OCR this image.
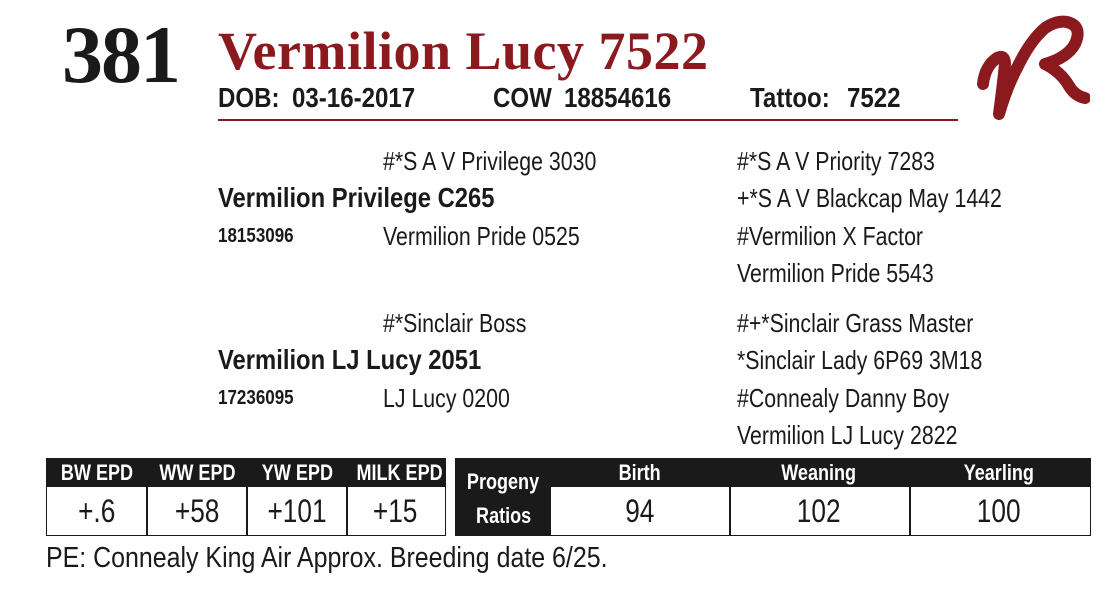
381 Vermilion Lucy 7522
DOB: 03-16-2017	COW 18854616	Tattoo: 7522
#*S A V Privilege 3030	#*S A V Priority 7283
Vermilion Privilege C265	+*S A V Blackcap May 1442
18153096	Vermilion Pride 0525	#Vermilion X Factor
Vermilion Pride 5543
#*Sinclair Boss	#+*Sinclair Grass Master
Vermilion LJ Lucy 2051	*Sinclair Lady 6P69 3M18
17236095	LJ Lucy 0200	#Connealy Danny Boy
Vermilion LJ Lucy 2822
BW EPD	WW EPD	YW EPD	MILK EPD
+.6	+58	+101	+15
Progeny
Ratios
Birth	Weaning	Yearling
94	102	100
PE: Connealy King Air Approx. Breeding date 6/25.
